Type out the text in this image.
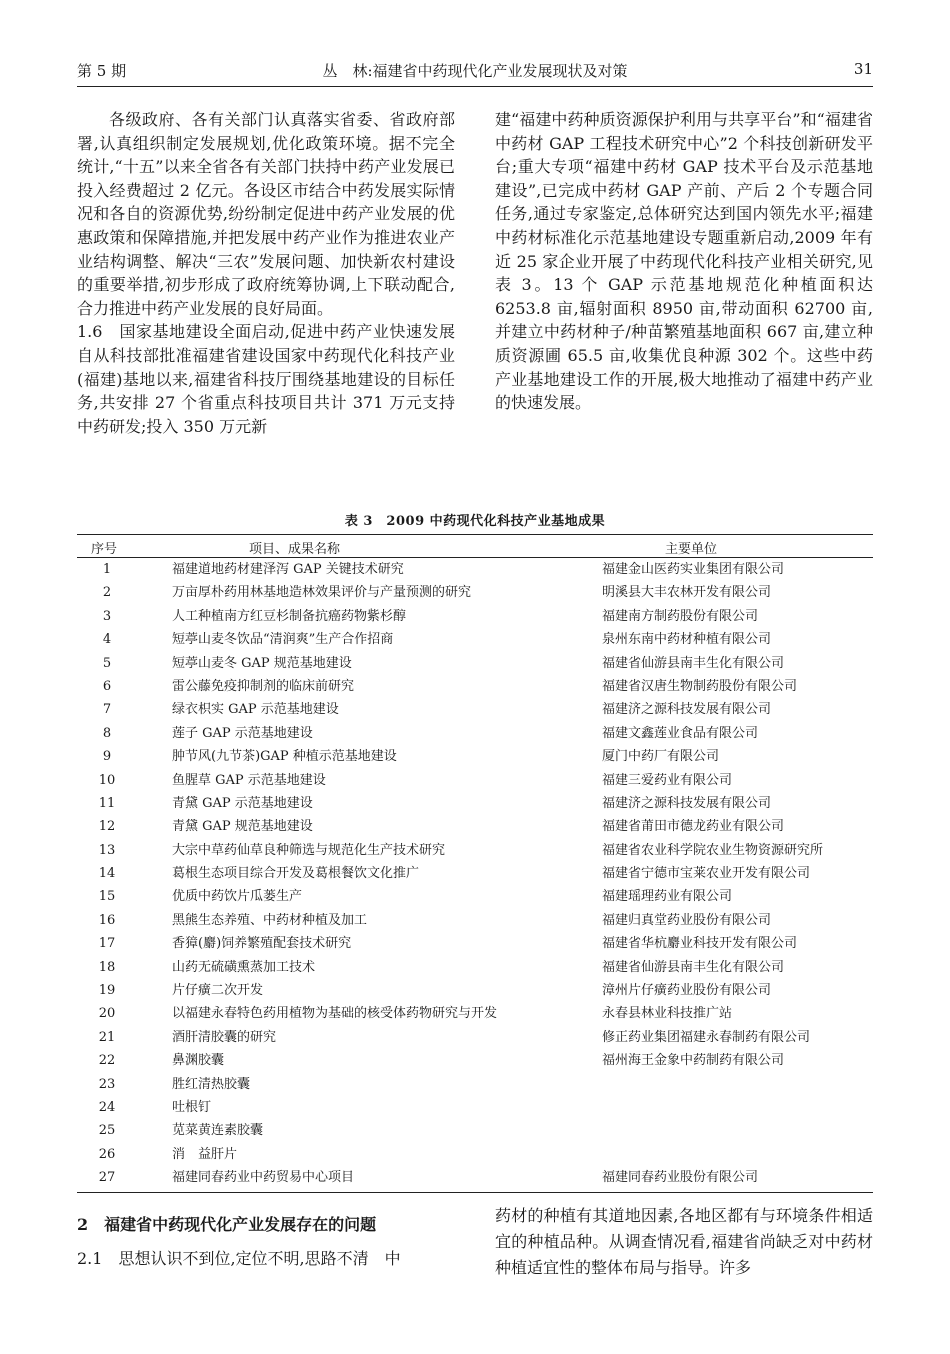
第 5 期	丛　林:福建省中药现代化产业发展现状及对策	31

各级政府、各有关部门认真落实省委、省政府部署,认真组织制定发展规划,优化政策环境。据不完全统计,“十五”以来全省各有关部门扶持中药产业发展已投入经费超过 2 亿元。各设区市结合中药发展实际情况和各自的资源优势,纷纷制定促进中药产业发展的优惠政策和保障措施,并把发展中药产业作为推进农业产业结构调整、解决“三农”发展问题、加快新农村建设的重要举措,初步形成了政府统筹协调,上下联动配合,合力推进中药产业发展的良好局面。

1.6　国家基地建设全面启动,促进中药产业快速发展　自从科技部批准福建省建设国家中药现代化科技产业(福建)基地以来,福建省科技厅围绕基地建设的目标任务,共安排 27 个省重点科技项目共计 371 万元支持中药研发;投入 350 万元新

建“福建中药种质资源保护利用与共享平台”和“福建省中药材 GAP 工程技术研究中心”2 个科技创新研发平台;重大专项“福建中药材 GAP 技术平台及示范基地建设”,已完成中药材 GAP 产前、产后 2 个专题合同任务,通过专家鉴定,总体研究达到国内领先水平;福建中药材标准化示范基地建设专题重新启动,2009 年有近 25 家企业开展了中药现代化科技产业相关研究,见表 3。13 个 GAP 示范基地规范化种植面积达 6253.8 亩,辐射面积 8950 亩,带动面积 62700 亩,并建立中药材种子/种苗繁殖基地面积 667 亩,建立种质资源圃 65.5 亩,收集优良种源 302 个。这些中药产业基地建设工作的开展,极大地推动了福建中药产业的快速发展。

表 3　2009 中药现代化科技产业基地成果
序号	项目、成果名称	主要单位
1	福建道地药材建泽泻 GAP 关键技术研究	福建金山医药实业集团有限公司
2	万亩厚朴药用林基地造林效果评价与产量预测的研究	明溪县大丰农林开发有限公司
3	人工种植南方红豆杉制备抗癌药物紫杉醇	福建南方制药股份有限公司
4	短葶山麦冬饮品“清润爽”生产合作招商	泉州东南中药材种植有限公司
5	短葶山麦冬 GAP 规范基地建设	福建省仙游县南丰生化有限公司
6	雷公藤免疫抑制剂的临床前研究	福建省汉唐生物制药股份有限公司
7	绿衣枳实 GAP 示范基地建设	福建济之源科技发展有限公司
8	莲子 GAP 示范基地建设	福建文鑫莲业食品有限公司
9	肿节风(九节茶)GAP 种植示范基地建设	厦门中药厂有限公司
10	鱼腥草 GAP 示范基地建设	福建三爱药业有限公司
11	青黛 GAP 示范基地建设	福建济之源科技发展有限公司
12	青黛 GAP 规范基地建设	福建省莆田市德龙药业有限公司
13	大宗中草药仙草良种筛选与规范化生产技术研究	福建省农业科学院农业生物资源研究所
14	葛根生态项目综合开发及葛根餐饮文化推广	福建省宁德市宝莱农业开发有限公司
15	优质中药饮片瓜蒌生产	福建瑶理药业有限公司
16	黑熊生态养殖、中药材种植及加工	福建归真堂药业股份有限公司
17	香獐(麝)饲养繁殖配套技术研究	福建省华杭麝业科技开发有限公司
18	山药无硫磺熏蒸加工技术	福建省仙游县南丰生化有限公司
19	片仔癀二次开发	漳州片仔癀药业股份有限公司
20	以福建永春特色药用植物为基础的核受体药物研究与开发	永春县林业科技推广站
21	酒肝清胶囊的研究	修正药业集团福建永春制药有限公司
22	鼻渊胶囊	福州海王金象中药制药有限公司
23	胜红清热胶囊
24	吐根钉
25	苋菜黄连素胶囊
26	消　益肝片
27	福建同春药业中药贸易中心项目	福建同春药业股份有限公司

2　福建省中药现代化产业发展存在的问题

2.1　思想认识不到位,定位不明,思路不清　中

药材的种植有其道地因素,各地区都有与环境条件相适宜的种植品种。从调查情况看,福建省尚缺乏对中药材种植适宜性的整体布局与指导。许多
